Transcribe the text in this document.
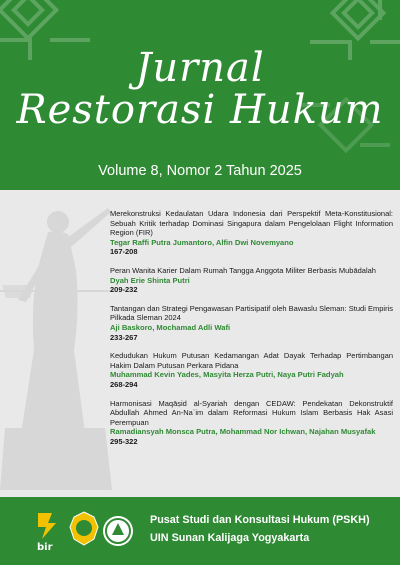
Jurnal
Restorasi Hukum
Volume 8, Nomor 2 Tahun 2025
Merekonstruksi Kedaulatan Udara Indonesia dari Perspektif Meta-Konstitusional: Sebuah Kritik terhadap Dominasi Singapura dalam Pengelolaan Flight Information Region (FIR)
Tegar Raffi Putra Jumantoro, Alfin Dwi Novemyano
167-208
Peran Wanita Karier Dalam Rumah Tangga Anggota Militer Berbasis Mubādalah
Dyah Erie Shinta Putri
209-232
Tantangan dan Strategi Pengawasan Partisipatif oleh Bawaslu Sleman: Studi Empiris Pilkada Sleman 2024
Aji Baskoro, Mochamad Adli Wafi
233-267
Kedudukan Hukum Putusan Kedamangan Adat Dayak Terhadap Pertimbangan Hakim Dalam Putusan Perkara Pidana
Muhammad Kevin Yades, Masyita Herza Putri, Naya Putri Fadyah
268-294
Harmonisasi Maqāṣid al-Syariah dengan CEDAW: Pendekatan Dekonstruktif Abdullah Ahmed An-Na`im dalam Reformasi Hukum Islam Berbasis Hak Asasi Perempuan
Ramadiansyah Monsca Putra, Mohammad Nor Ichwan, Najahan Musyafak
295-322
bir
Pusat Studi dan Konsultasi Hukum (PSKH)
UIN Sunan Kalijaga Yogyakarta
